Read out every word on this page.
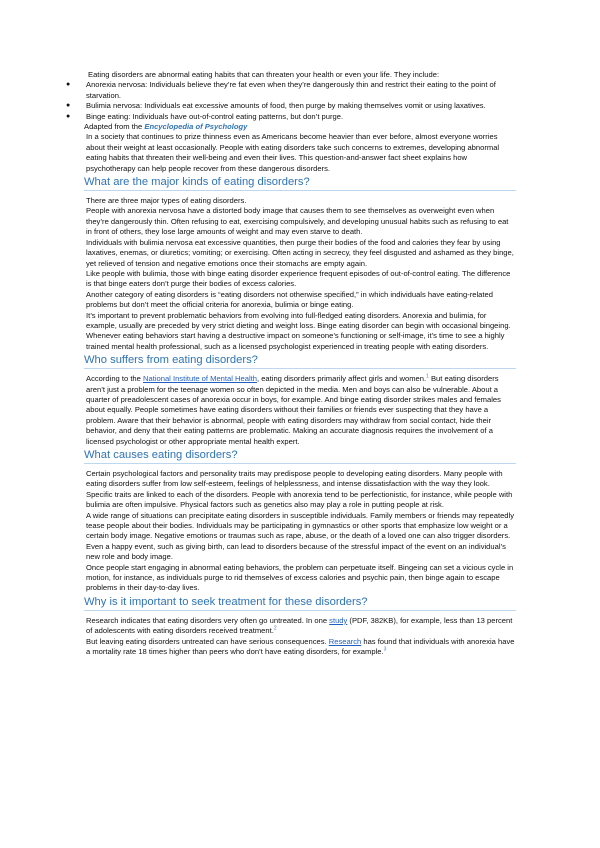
Eating disorders are abnormal eating habits that can threaten your health or even your life. They include:

● Anorexia nervosa: Individuals believe they’re fat even when they’re dangerously thin and restrict their eating to the point of starvation.
● Bulimia nervosa: Individuals eat excessive amounts of food, then purge by making themselves vomit or using laxatives.
● Binge eating: Individuals have out-of-control eating patterns, but don’t purge.

Adapted from the Encyclopedia of Psychology

In a society that continues to prize thinness even as Americans become heavier than ever before, almost everyone worries about their weight at least occasionally. People with eating disorders take such concerns to extremes, developing abnormal eating habits that threaten their well-being and even their lives. This question-and-answer fact sheet explains how psychotherapy can help people recover from these dangerous disorders.

What are the major kinds of eating disorders?

There are three major types of eating disorders.

People with anorexia nervosa have a distorted body image that causes them to see themselves as overweight even when they’re dangerously thin. Often refusing to eat, exercising compulsively, and developing unusual habits such as refusing to eat in front of others, they lose large amounts of weight and may even starve to death.

Individuals with bulimia nervosa eat excessive quantities, then purge their bodies of the food and calories they fear by using laxatives, enemas, or diuretics; vomiting; or exercising. Often acting in secrecy, they feel disgusted and ashamed as they binge, yet relieved of tension and negative emotions once their stomachs are empty again.

Like people with bulimia, those with binge eating disorder experience frequent episodes of out-of-control eating. The difference is that binge eaters don’t purge their bodies of excess calories.

Another category of eating disorders is “eating disorders not otherwise specified,” in which individuals have eating-related problems but don’t meet the official criteria for anorexia, bulimia or binge eating.

It’s important to prevent problematic behaviors from evolving into full-fledged eating disorders. Anorexia and bulimia, for example, usually are preceded by very strict dieting and weight loss. Binge eating disorder can begin with occasional bingeing. Whenever eating behaviors start having a destructive impact on someone’s functioning or self-image, it’s time to see a highly trained mental health professional, such as a licensed psychologist experienced in treating people with eating disorders.

Who suffers from eating disorders?

According to the National Institute of Mental Health, eating disorders primarily affect girls and women.$^1$ But eating disorders aren’t just a problem for the teenage women so often depicted in the media. Men and boys can also be vulnerable. About a quarter of preadolescent cases of anorexia occur in boys, for example. And binge eating disorder strikes males and females about equally. People sometimes have eating disorders without their families or friends ever suspecting that they have a problem. Aware that their behavior is abnormal, people with eating disorders may withdraw from social contact, hide their behavior, and deny that their eating patterns are problematic. Making an accurate diagnosis requires the involvement of a licensed psychologist or other appropriate mental health expert.

What causes eating disorders?

Certain psychological factors and personality traits may predispose people to developing eating disorders. Many people with eating disorders suffer from low self-esteem, feelings of helplessness, and intense dissatisfaction with the way they look.

Specific traits are linked to each of the disorders. People with anorexia tend to be perfectionistic, for instance, while people with bulimia are often impulsive. Physical factors such as genetics also may play a role in putting people at risk.

A wide range of situations can precipitate eating disorders in susceptible individuals. Family members or friends may repeatedly tease people about their bodies. Individuals may be participating in gymnastics or other sports that emphasize low weight or a certain body image. Negative emotions or traumas such as rape, abuse, or the death of a loved one can also trigger disorders. Even a happy event, such as giving birth, can lead to disorders because of the stressful impact of the event on an individual’s new role and body image.

Once people start engaging in abnormal eating behaviors, the problem can perpetuate itself. Bingeing can set a vicious cycle in motion, for instance, as individuals purge to rid themselves of excess calories and psychic pain, then binge again to escape problems in their day-to-day lives.

Why is it important to seek treatment for these disorders?

Research indicates that eating disorders very often go untreated. In one study (PDF, 382KB), for example, less than 13 percent of adolescents with eating disorders received treatment.$^2$

But leaving eating disorders untreated can have serious consequences. Research has found that individuals with anorexia have a mortality rate 18 times higher than peers who don’t have eating disorders, for example.$^3$
